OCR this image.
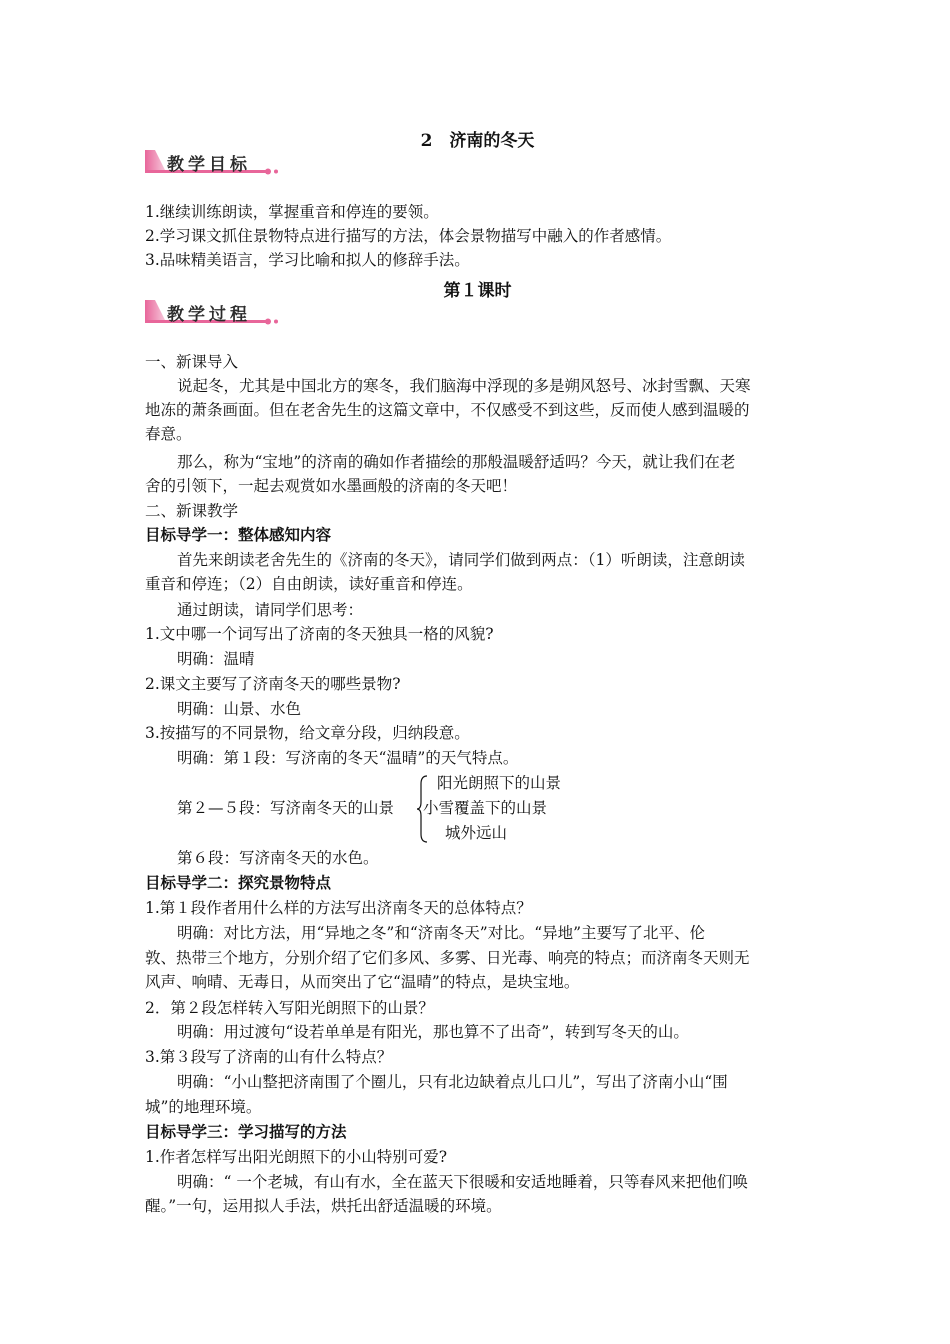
2　济南的冬天
教学目标
1.继续训练朗读，掌握重音和停连的要领。
2.学习课文抓住景物特点进行描写的方法，体会景物描写中融入的作者感情。
3.品味精美语言，学习比喻和拟人的修辞手法。
第１课时
教学过程
一、新课导入
说起冬，尤其是中国北方的寒冬，我们脑海中浮现的多是朔风怒号、冰封雪飘、天寒
地冻的萧条画面。但在老舍先生的这篇文章中，不仅感受不到这些，反而使人感到温暖的
春意。
那么，称为“宝地”的济南的确如作者描绘的那般温暖舒适吗？今天，就让我们在老
舍的引领下，一起去观赏如水墨画般的济南的冬天吧！
二、新课教学
目标导学一：整体感知内容
首先来朗读老舍先生的《济南的冬天》，请同学们做到两点：（1）听朗读，注意朗读
重音和停连；（2）自由朗读，读好重音和停连。
通过朗读，请同学们思考：
1.文中哪一个词写出了济南的冬天独具一格的风貌?
明确：温晴
2.课文主要写了济南冬天的哪些景物?
明确：山景、水色
3.按描写的不同景物，给文章分段，归纳段意。
明确：第１段：写济南的冬天“温晴”的天气特点。
第２—５段：写济南冬天的山景
阳光朗照下的山景
小雪覆盖下的山景
城外远山
第６段：写济南冬天的水色。
目标导学二：探究景物特点
1.第１段作者用什么样的方法写出济南冬天的总体特点？
明确：对比方法，用“异地之冬”和“济南冬天”对比。“异地”主要写了北平、伦
敦、热带三个地方，分别介绍了它们多风、多雾、日光毒、响亮的特点；而济南冬天则无
风声、响晴、无毒日，从而突出了它“温晴”的特点，是块宝地。
2．第２段怎样转入写阳光朗照下的山景？
明确：用过渡句“设若单单是有阳光，那也算不了出奇”，转到写冬天的山。
3.第３段写了济南的山有什么特点？
明确：“小山整把济南围了个圈儿，只有北边缺着点儿口儿”，写出了济南小山“围
城”的地理环境。
目标导学三：学习描写的方法
1.作者怎样写出阳光朗照下的小山特别可爱?
明确：“ 一个老城，有山有水，全在蓝天下很暖和安适地睡着，只等春风来把他们唤
醒。”一句，运用拟人手法，烘托出舒适温暖的环境。
